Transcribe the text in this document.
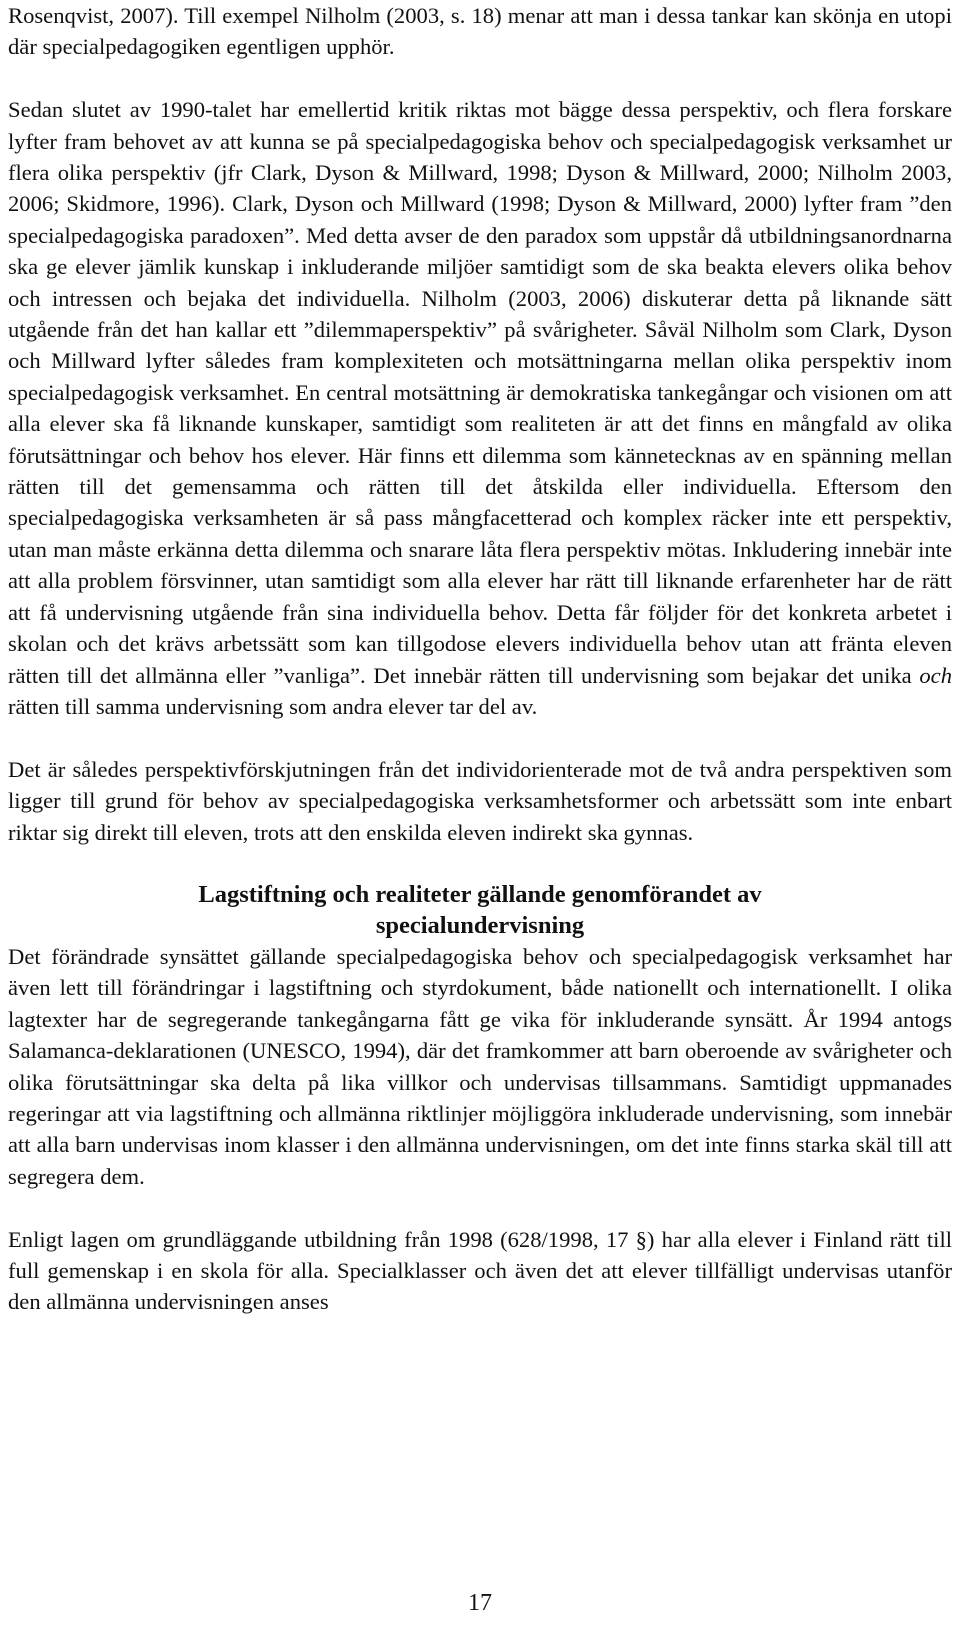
Rosenqvist, 2007). Till exempel Nilholm (2003, s. 18) menar att man i dessa tankar kan skönja en utopi där specialpedagogiken egentligen upphör.

Sedan slutet av 1990-talet har emellertid kritik riktas mot bägge dessa perspektiv, och flera forskare lyfter fram behovet av att kunna se på specialpedagogiska behov och specialpedagogisk verksamhet ur flera olika perspektiv (jfr Clark, Dyson & Millward, 1998; Dyson & Millward, 2000; Nilholm 2003, 2006; Skidmore, 1996). Clark, Dyson och Millward (1998; Dyson & Millward, 2000) lyfter fram ”den specialpedagogiska paradoxen”. Med detta avser de den paradox som uppstår då utbildningsanordnarna ska ge elever jämlik kunskap i inkluderande miljöer samtidigt som de ska beakta elevers olika behov och intressen och bejaka det individuella. Nilholm (2003, 2006) diskuterar detta på liknande sätt utgående från det han kallar ett ”dilemmaperspektiv” på svårigheter. Såväl Nilholm som Clark, Dyson och Millward lyfter således fram komplexiteten och motsättningarna mellan olika perspektiv inom specialpedagogisk verksamhet. En central motsättning är demokratiska tankegångar och visionen om att alla elever ska få liknande kunskaper, samtidigt som realiteten är att det finns en mångfald av olika förutsättningar och behov hos elever. Här finns ett dilemma som kännetecknas av en spänning mellan rätten till det gemensamma och rätten till det åtskilda eller individuella. Eftersom den specialpedagogiska verksamheten är så pass mångfacetterad och komplex räcker inte ett perspektiv, utan man måste erkänna detta dilemma och snarare låta flera perspektiv mötas. Inkludering innebär inte att alla problem försvinner, utan samtidigt som alla elever har rätt till liknande erfarenheter har de rätt att få undervisning utgående från sina individuella behov. Detta får följder för det konkreta arbetet i skolan och det krävs arbetssätt som kan tillgodose elevers individuella behov utan att fränta eleven rätten till det allmänna eller ”vanliga”. Det innebär rätten till undervisning som bejakar det unika och rätten till samma undervisning som andra elever tar del av.

Det är således perspektivförskjutningen från det individorienterade mot de två andra perspektiven som ligger till grund för behov av specialpedagogiska verksamhetsformer och arbetssätt som inte enbart riktar sig direkt till eleven, trots att den enskilda eleven indirekt ska gynnas.

Lagstiftning och realiteter gällande genomförandet av
specialundervisning

Det förändrade synsättet gällande specialpedagogiska behov och specialpedagogisk verksamhet har även lett till förändringar i lagstiftning och styrdokument, både nationellt och internationellt. I olika lagtexter har de segregerande tankegångarna fått ge vika för inkluderande synsätt. År 1994 antogs Salamanca-deklarationen (UNESCO, 1994), där det framkommer att barn oberoende av svårigheter och olika förutsättningar ska delta på lika villkor och undervisas tillsammans. Samtidigt uppmanades regeringar att via lagstiftning och allmänna riktlinjer möjliggöra inkluderade undervisning, som innebär att alla barn undervisas inom klasser i den allmänna undervisningen, om det inte finns starka skäl till att segregera dem.

Enligt lagen om grundläggande utbildning från 1998 (628/1998, 17 §) har alla elever i Finland rätt till full gemenskap i en skola för alla. Specialklasser och även det att elever tillfälligt undervisas utanför den allmänna undervisningen anses

17
